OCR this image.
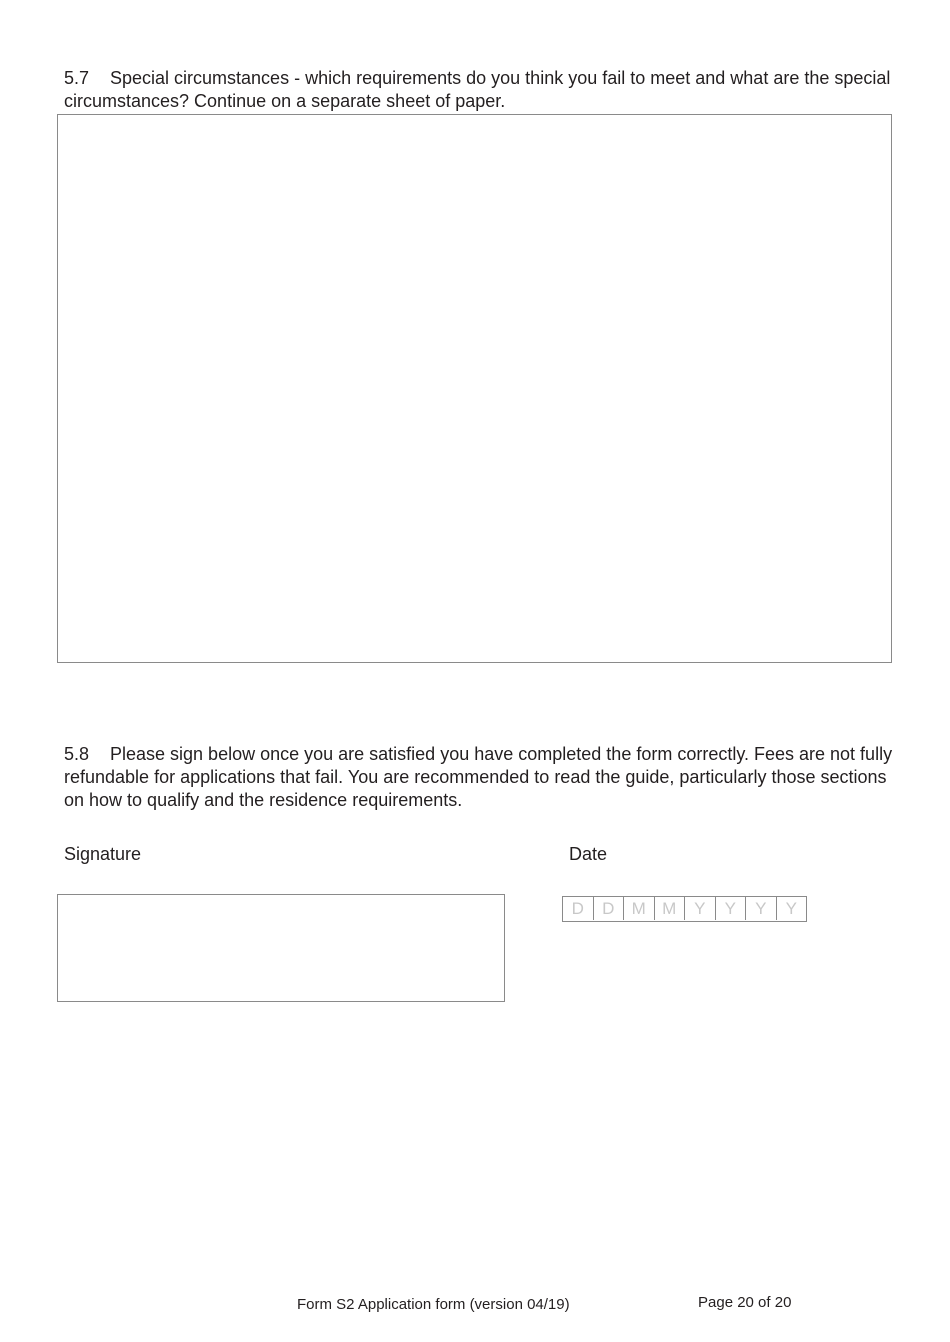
5.7 Special circumstances - which requirements do you think you fail to meet and what are the special circumstances? Continue on a separate sheet of paper.

5.8 Please sign below once you are satisfied you have completed the form correctly. Fees are not fully refundable for applications that fail. You are recommended to read the guide, particularly those sections on how to qualify and the residence requirements.

Signature	Date
D	D	M M	Y	Y	Y	Y
Form S2 Application form (version 04/19)	Page 20 of 20
